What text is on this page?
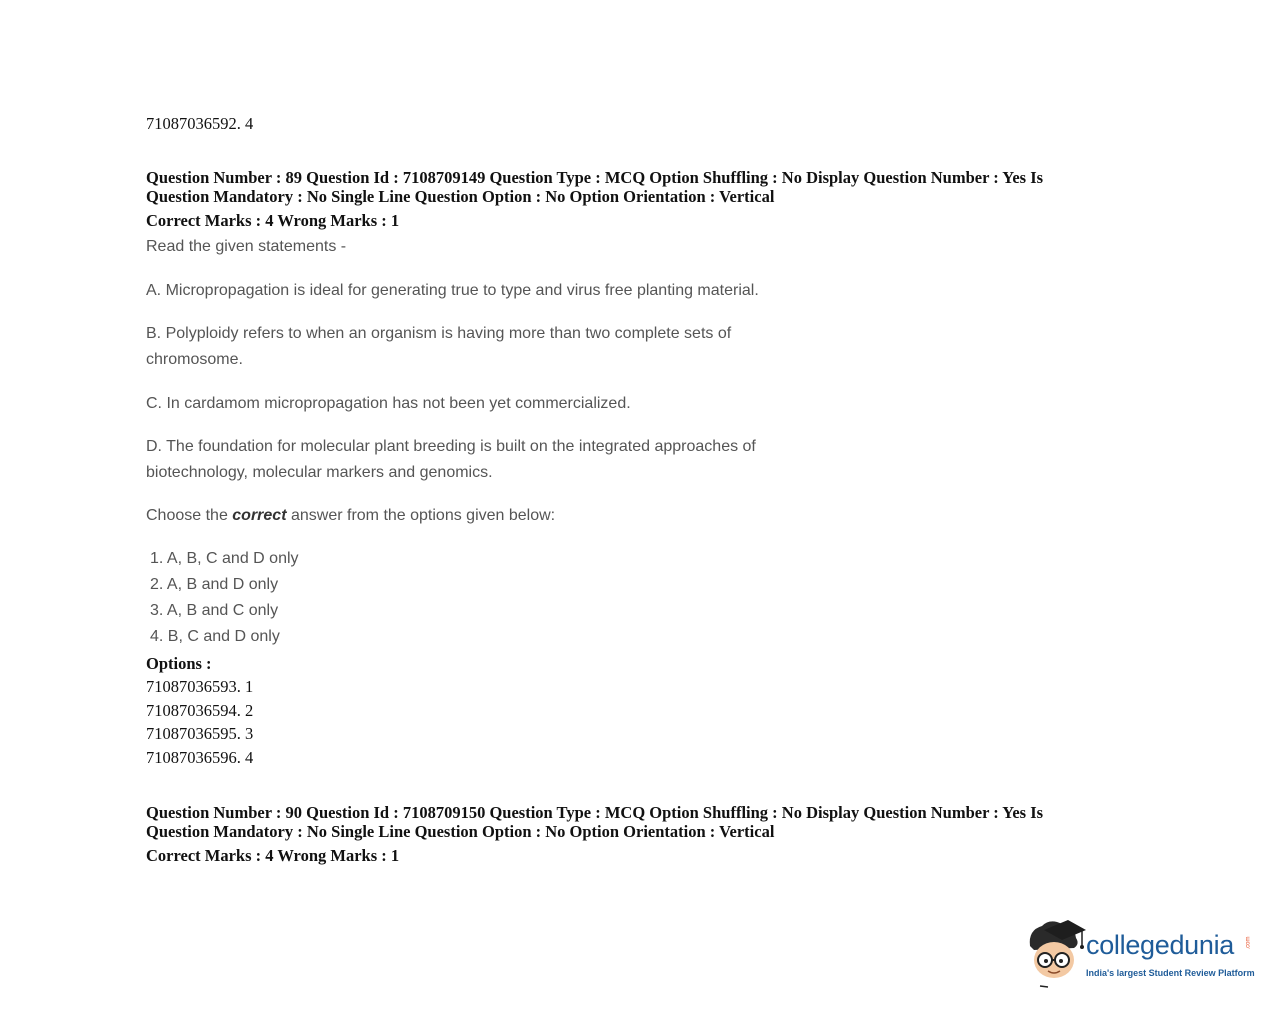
71087036592. 4
Question Number : 89 Question Id : 7108709149 Question Type : MCQ Option Shuffling : No Display Question Number : Yes Is
Question Mandatory : No Single Line Question Option : No Option Orientation : Vertical
Correct Marks : 4 Wrong Marks : 1
Read the given statements -
A. Micropropagation is ideal for generating true to type and virus free planting material.
B. Polyploidy refers to when an organism is having more than two complete sets of
chromosome.
C. In cardamom micropropagation has not been yet commercialized.
D. The foundation for molecular plant breeding is built on the integrated approaches of
biotechnology, molecular markers and genomics.
Choose the correct answer from the options given below:
1. A, B, C and D only
2. A, B and D only
3. A, B and C only
4. B, C and D only
Options :
71087036593. 1
71087036594. 2
71087036595. 3
71087036596. 4
Question Number : 90 Question Id : 7108709150 Question Type : MCQ Option Shuffling : No Display Question Number : Yes Is
Question Mandatory : No Single Line Question Option : No Option Orientation : Vertical
Correct Marks : 4 Wrong Marks : 1
collegedunia .com
India's largest Student Review Platform
